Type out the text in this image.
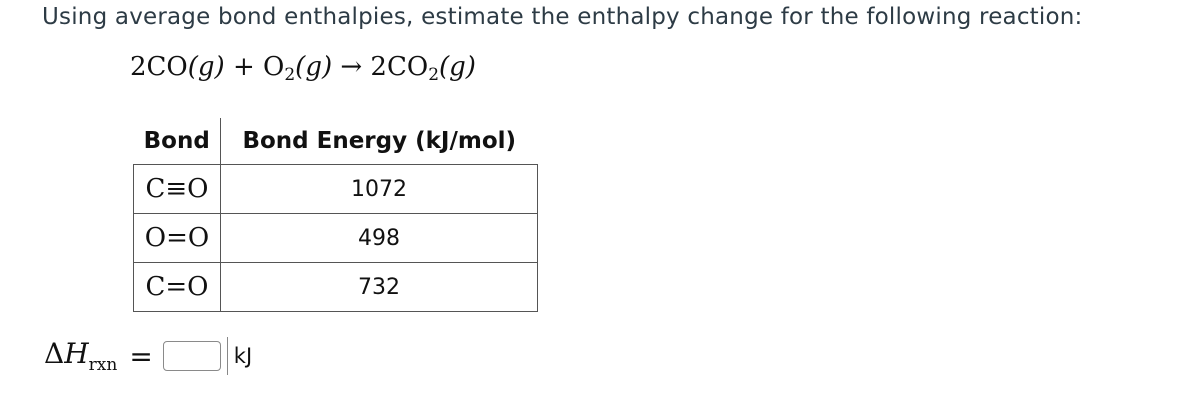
Using average bond enthalpies, estimate the enthalpy change for the following reaction:
$2CO(g) + O_2(g) \to 2CO_2(g)$
Bond	Bond Energy (kJ/mol)
C≡O	1072
O=O	498
C=O	732
$\Delta H_{rxn}$ =	kJ
